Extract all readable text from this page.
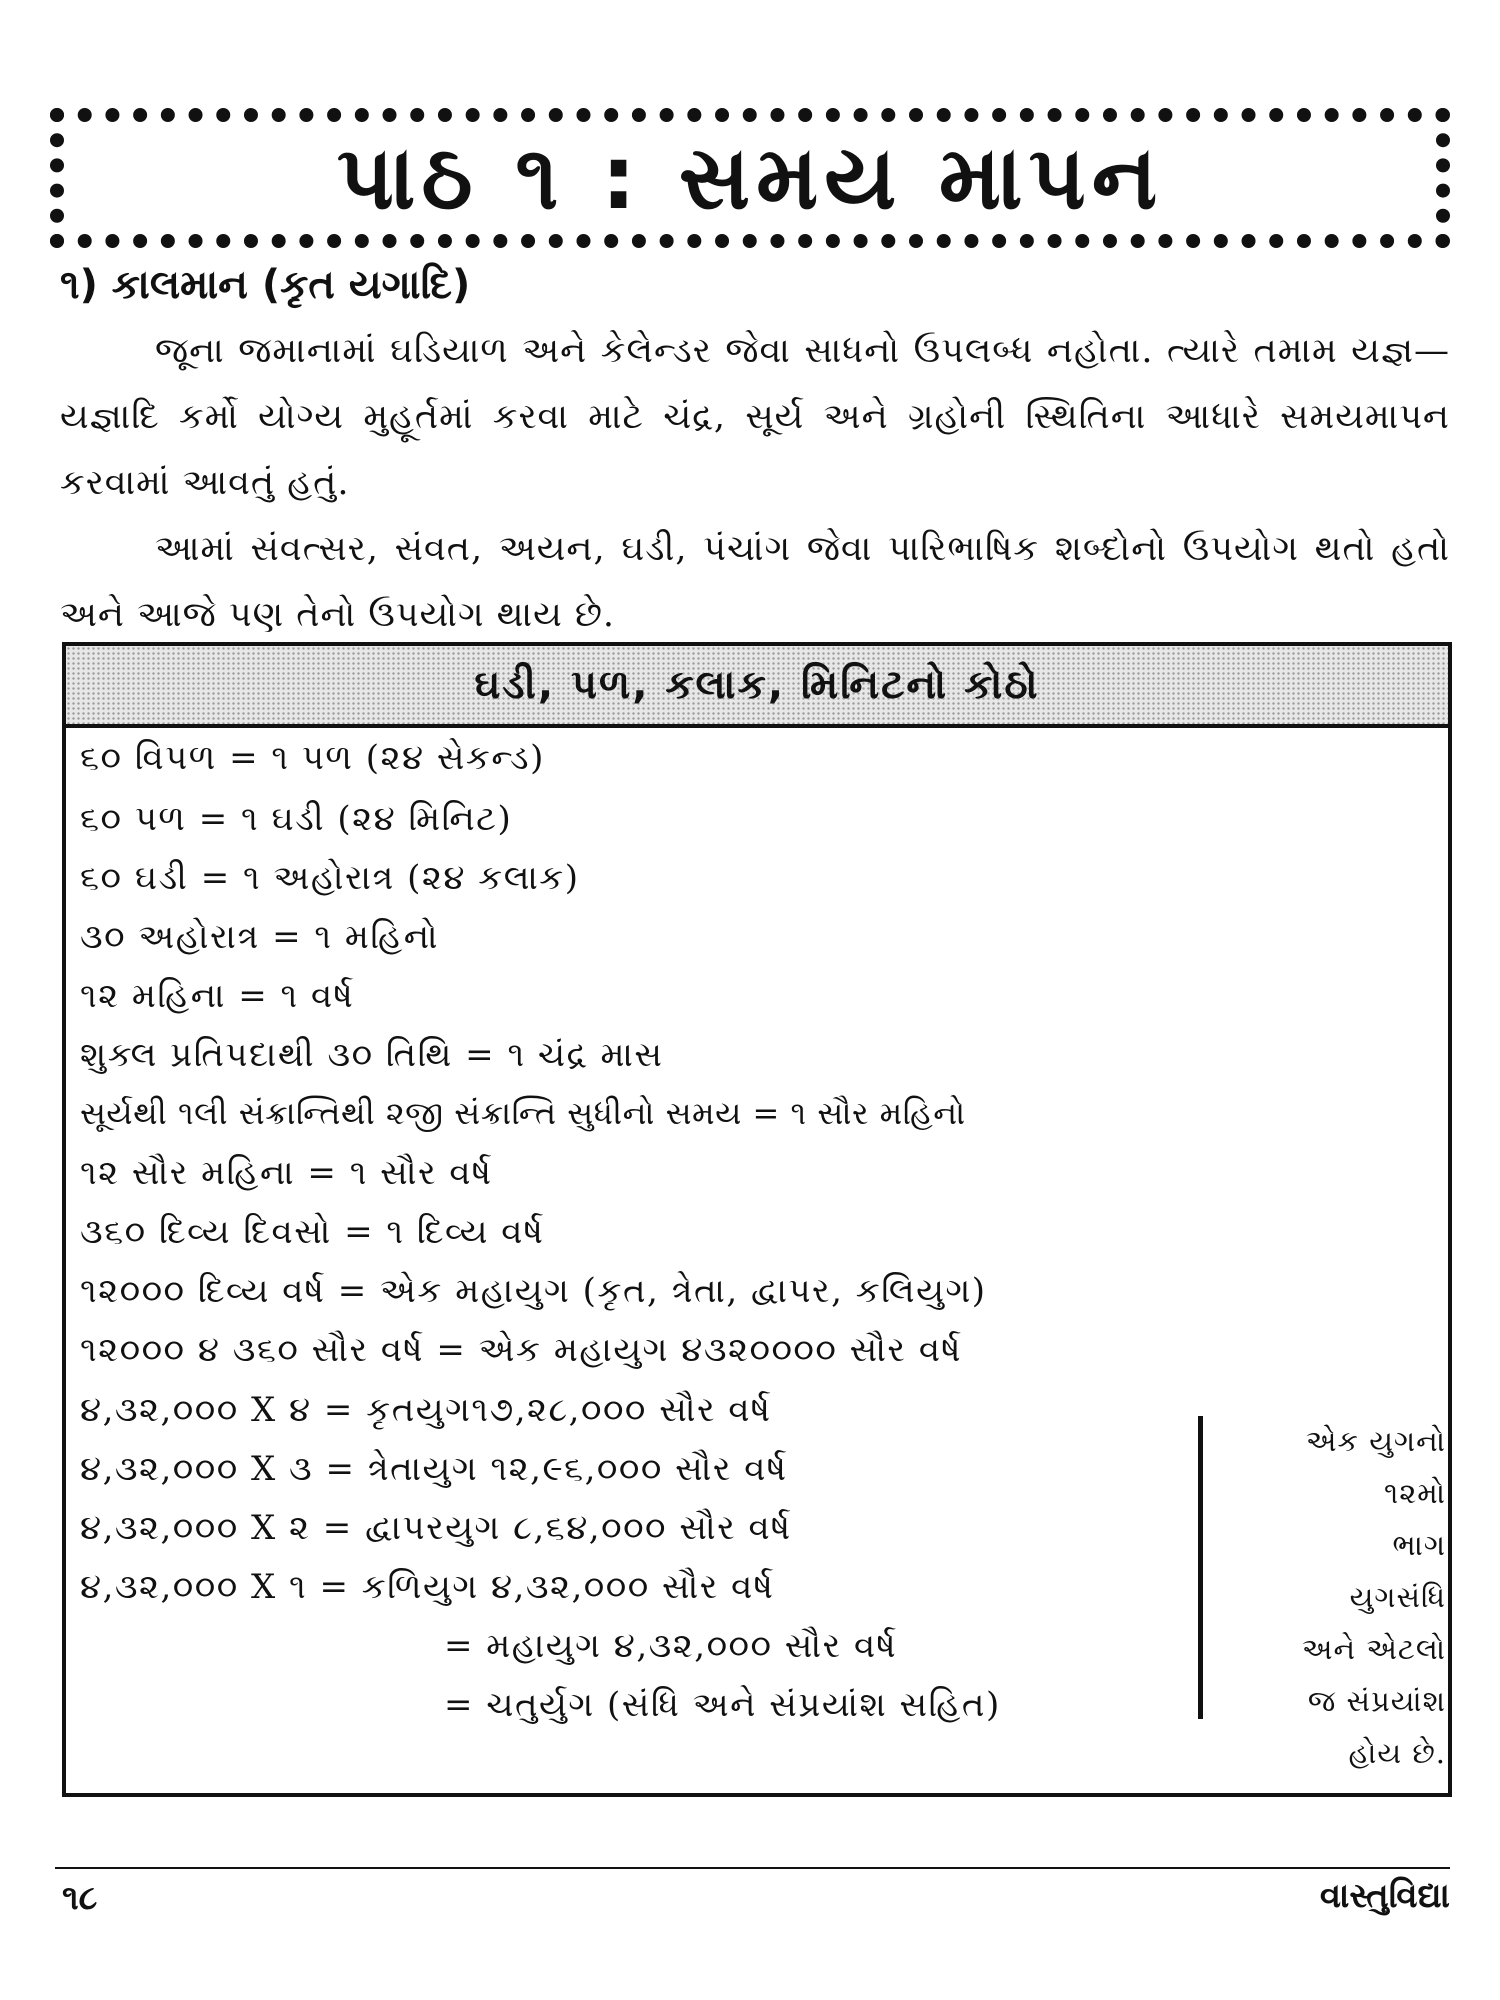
પાઠ ૧ : સમય માપન
૧) કાલમાન (કૃત યગાદિ)

જૂના જમાનામાં ઘડિયાળ અને કેલેન્ડર જેવા સાધનો ઉપલબ્ધ નહોતા. ત્યારે તમામ યજ્ઞ—યજ્ઞાદિ કર્મો યોગ્ય મુહૂર્તમાં કરવા માટે ચંદ્ર, સૂર્ય અને ગ્રહોની સ્થિતિના આધારે સમયમાપન કરવામાં આવતું હતું.

આમાં સંવત્સર, સંવત, અયન, ઘડી, પંચાંગ જેવા પારિભાષિક શબ્દોનો ઉપયોગ થતો હતો અને આજે પણ તેનો ઉપયોગ થાય છે.

ઘડી, પળ, કલાક, મિનિટનો કોઠો
૬૦ વિપળ = ૧ પળ (૨૪ સેકન્ડ)
૬૦ પળ = ૧ ઘડી (૨૪ મિનિટ)
૬૦ ઘડી = ૧ અહોરાત્ર (૨૪ કલાક)
૩૦ અહોરાત્ર = ૧ મહિનો
૧૨ મહિના = ૧ વર્ષ
શુક્લ પ્રતિપદાથી ૩૦ તિથિ = ૧ ચંદ્ર માસ
સૂર્યથી ૧લી સંક્રાન્તિથી ૨જી સંક્રાન્તિ સુધીનો સમય = ૧ સૌર મહિનો
૧૨ સૌર મહિના = ૧ સૌર વર્ષ
૩૬૦ દિવ્ય દિવસો = ૧ દિવ્ય વર્ષ
૧૨૦૦૦ દિવ્ય વર્ષ = એક મહાયુગ (કૃત, ત્રેતા, દ્વાપર, કલિયુગ)
૧૨૦૦૦ ૪ ૩૬૦ સૌર વર્ષ = એક મહાયુગ ૪૩૨૦૦૦૦ સૌર વર્ષ
૪,૩૨,૦૦૦ X ૪ = કૃતયુગ૧૭,૨૮,૦૦૦ સૌર વર્ષ
૪,૩૨,૦૦૦ X ૩ = ત્રેતાયુગ ૧૨,૯૬,૦૦૦ સૌર વર્ષ
૪,૩૨,૦૦૦ X ૨ = દ્વાપરયુગ ૮,૬૪,૦૦૦ સૌર વર્ષ
૪,૩૨,૦૦૦ X ૧ = કળિયુગ ૪,૩૨,૦૦૦ સૌર વર્ષ
= મહાયુગ ૪,૩૨,૦૦૦ સૌર વર્ષ
= ચતુર્યુગ (સંધિ અને સંપ્રયાંશ સહિત)
એક યુગનો
૧૨મો
ભાગ
યુગસંધિ
અને એટલો
જ સંપ્રયાંશ
હોય છે.
૧૮	વાસ્તુવિદ્યા
